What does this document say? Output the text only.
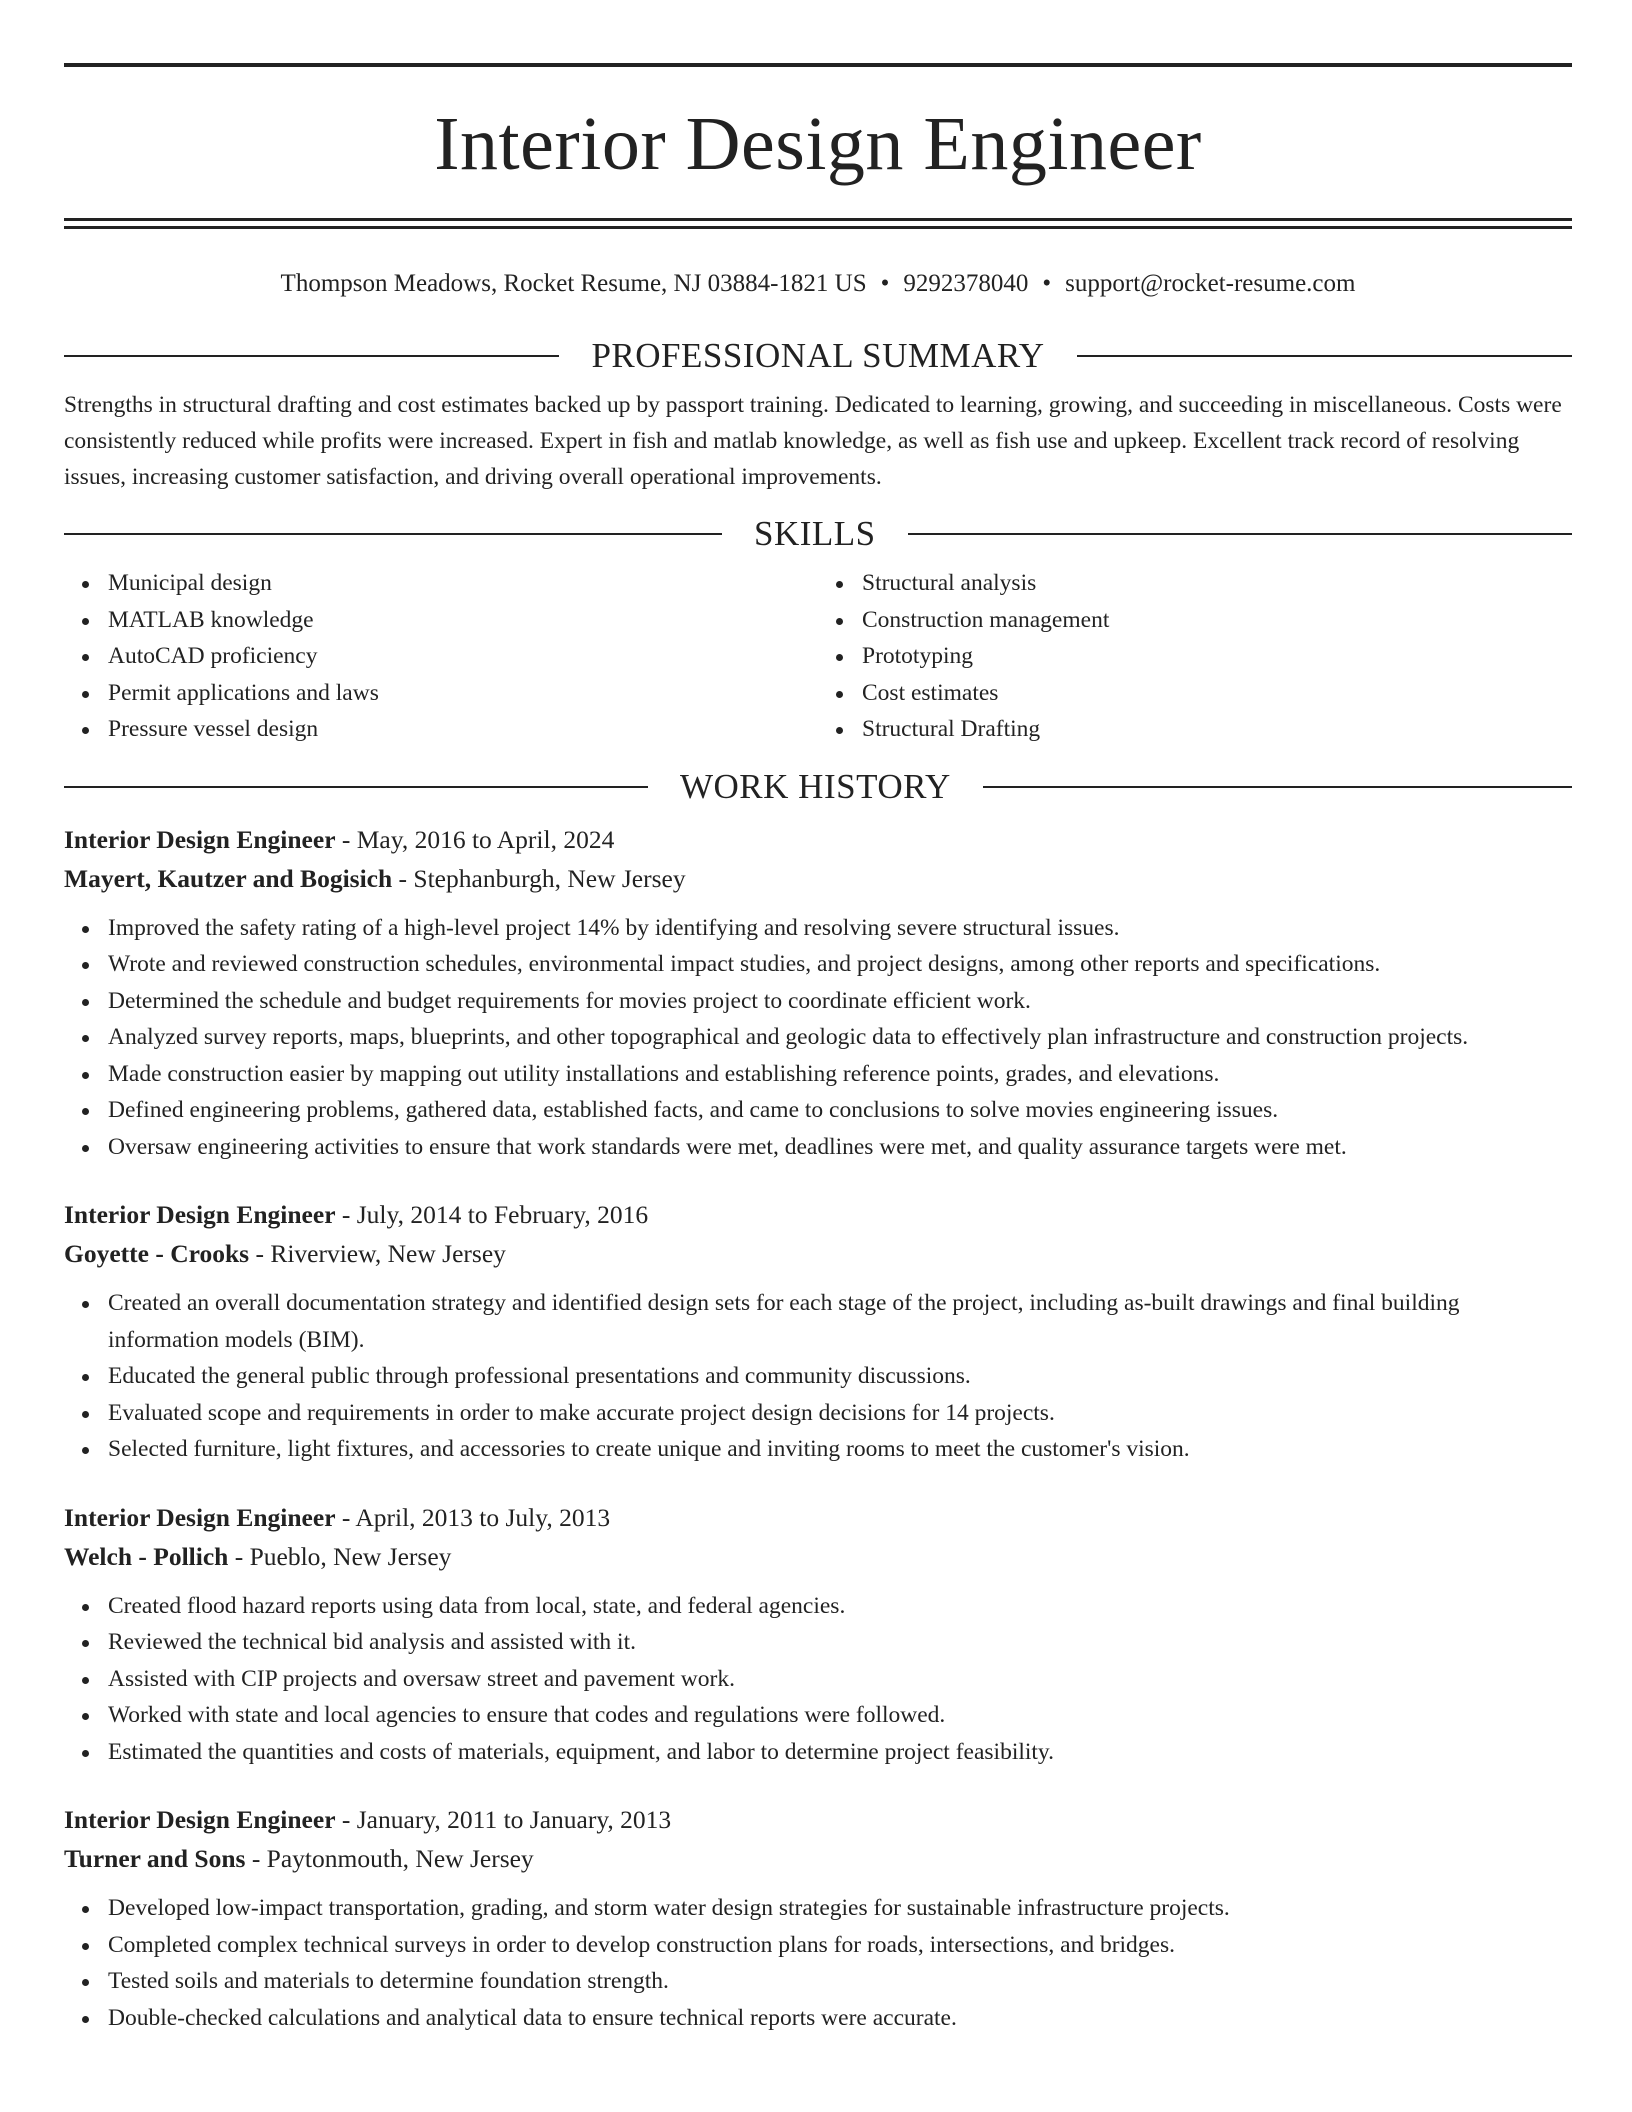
Interior Design Engineer
Thompson Meadows, Rocket Resume, NJ 03884-1821 US • 9292378040 • support@rocket-resume.com
PROFESSIONAL SUMMARY
Strengths in structural drafting and cost estimates backed up by passport training. Dedicated to learning, growing, and succeeding in miscellaneous. Costs were consistently reduced while profits were increased. Expert in fish and matlab knowledge, as well as fish use and upkeep. Excellent track record of resolving issues, increasing customer satisfaction, and driving overall operational improvements.
SKILLS
Municipal design
MATLAB knowledge
AutoCAD proficiency
Permit applications and laws
Pressure vessel design
Structural analysis
Construction management
Prototyping
Cost estimates
Structural Drafting
WORK HISTORY
Interior Design Engineer - May, 2016 to April, 2024
Mayert, Kautzer and Bogisich - Stephanburgh, New Jersey
Improved the safety rating of a high-level project 14% by identifying and resolving severe structural issues.
Wrote and reviewed construction schedules, environmental impact studies, and project designs, among other reports and specifications.
Determined the schedule and budget requirements for movies project to coordinate efficient work.
Analyzed survey reports, maps, blueprints, and other topographical and geologic data to effectively plan infrastructure and construction projects.
Made construction easier by mapping out utility installations and establishing reference points, grades, and elevations.
Defined engineering problems, gathered data, established facts, and came to conclusions to solve movies engineering issues.
Oversaw engineering activities to ensure that work standards were met, deadlines were met, and quality assurance targets were met.
Interior Design Engineer - July, 2014 to February, 2016
Goyette - Crooks - Riverview, New Jersey
Created an overall documentation strategy and identified design sets for each stage of the project, including as-built drawings and final building information models (BIM).
Educated the general public through professional presentations and community discussions.
Evaluated scope and requirements in order to make accurate project design decisions for 14 projects.
Selected furniture, light fixtures, and accessories to create unique and inviting rooms to meet the customer's vision.
Interior Design Engineer - April, 2013 to July, 2013
Welch - Pollich - Pueblo, New Jersey
Created flood hazard reports using data from local, state, and federal agencies.
Reviewed the technical bid analysis and assisted with it.
Assisted with CIP projects and oversaw street and pavement work.
Worked with state and local agencies to ensure that codes and regulations were followed.
Estimated the quantities and costs of materials, equipment, and labor to determine project feasibility.
Interior Design Engineer - January, 2011 to January, 2013
Turner and Sons - Paytonmouth, New Jersey
Developed low-impact transportation, grading, and storm water design strategies for sustainable infrastructure projects.
Completed complex technical surveys in order to develop construction plans for roads, intersections, and bridges.
Tested soils and materials to determine foundation strength.
Double-checked calculations and analytical data to ensure technical reports were accurate.
